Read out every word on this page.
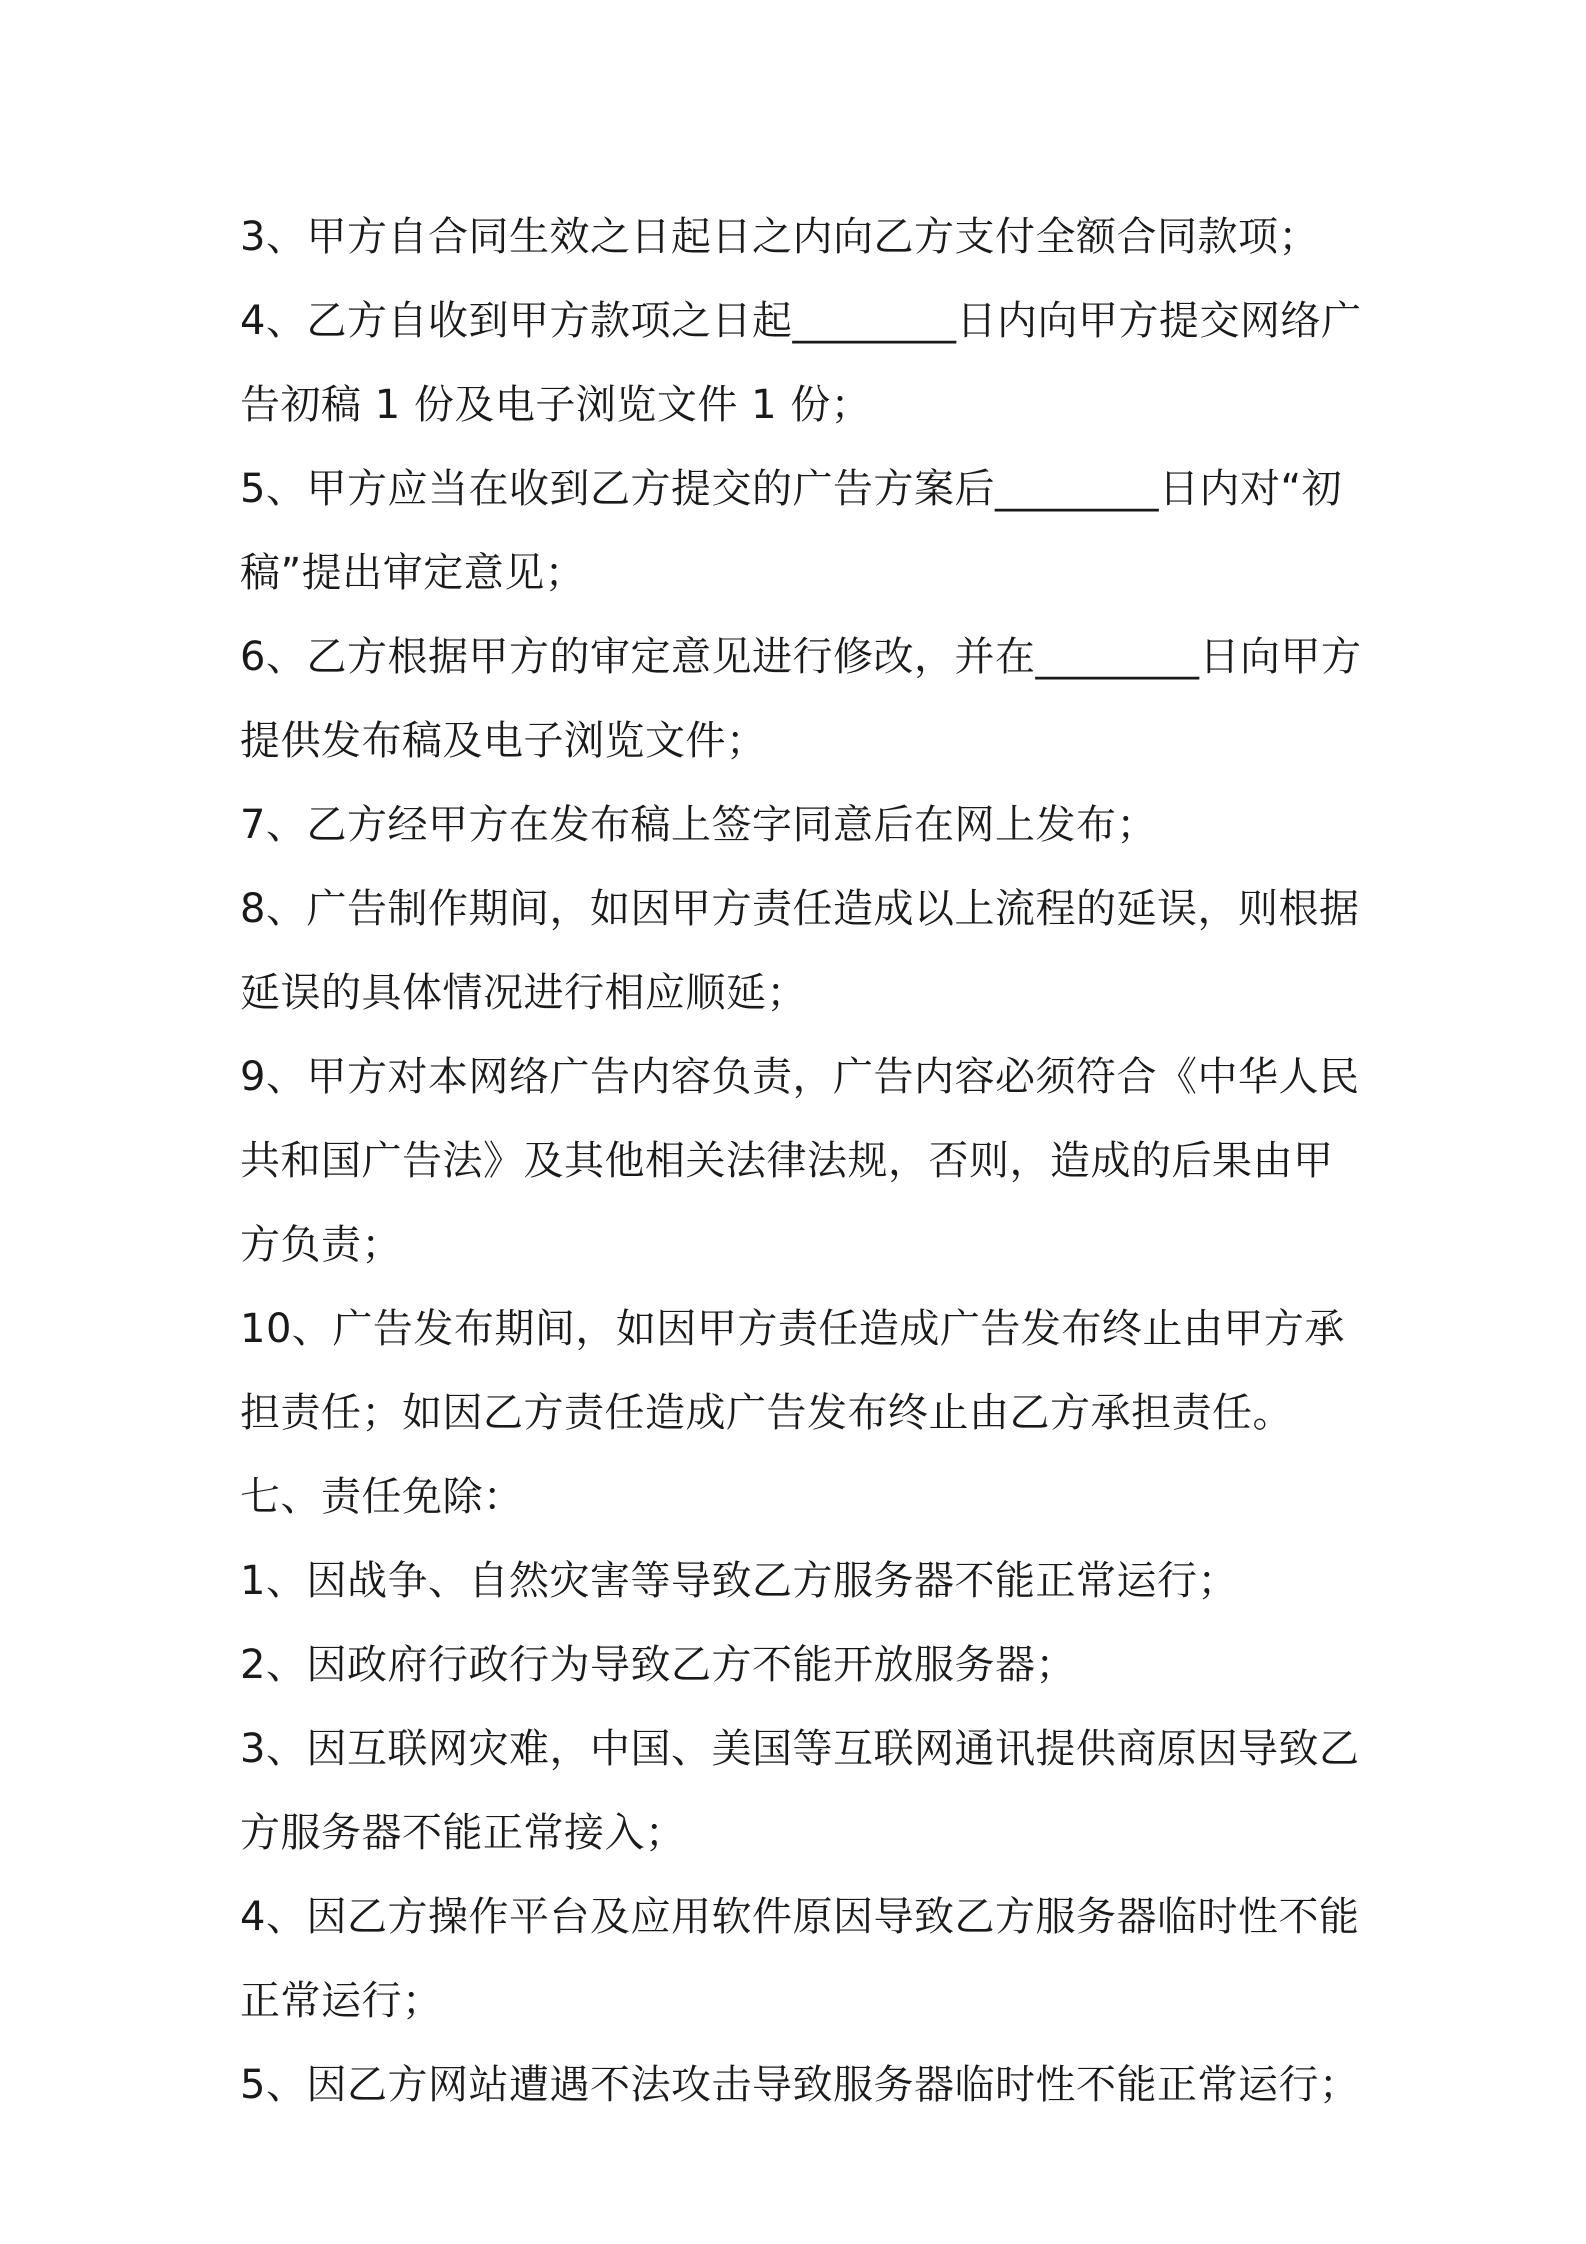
3、甲方自合同生效之日起日之内向乙方支付全额合同款项；

4、乙方自收到甲方款项之日起________日内向甲方提交网络广告初稿 1 份及电子浏览文件 1 份；

5、甲方应当在收到乙方提交的广告方案后________日内对“初稿”提出审定意见；

6、乙方根据甲方的审定意见进行修改，并在________日向甲方提供发布稿及电子浏览文件；

7、乙方经甲方在发布稿上签字同意后在网上发布；

8、广告制作期间，如因甲方责任造成以上流程的延误，则根据延误的具体情况进行相应顺延；

9、甲方对本网络广告内容负责，广告内容必须符合《中华人民共和国广告法》及其他相关法律法规，否则，造成的后果由甲方负责；

10、广告发布期间，如因甲方责任造成广告发布终止由甲方承担责任；如因乙方责任造成广告发布终止由乙方承担责任。

七、责任免除：

1、因战争、自然灾害等导致乙方服务器不能正常运行；

2、因政府行政行为导致乙方不能开放服务器；

3、因互联网灾难，中国、美国等互联网通讯提供商原因导致乙方服务器不能正常接入；

4、因乙方操作平台及应用软件原因导致乙方服务器临时性不能正常运行；

5、因乙方网站遭遇不法攻击导致服务器临时性不能正常运行；
